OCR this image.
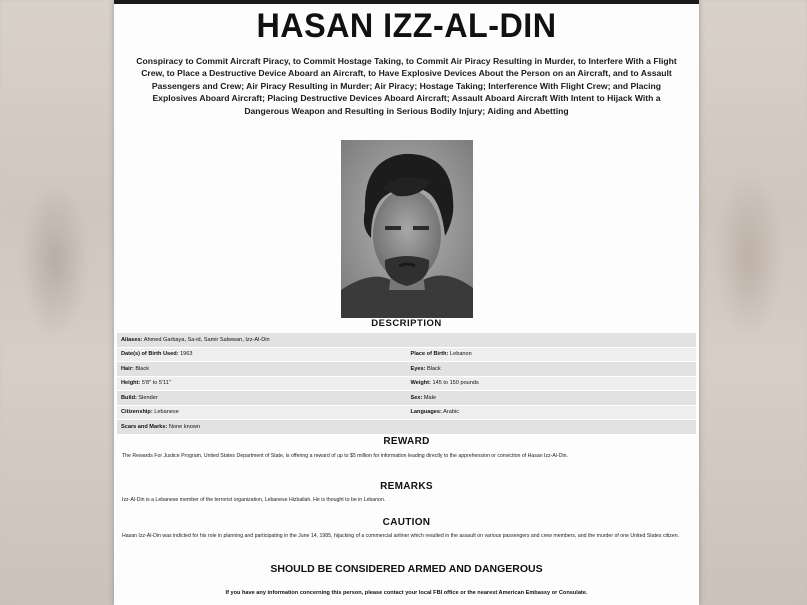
HASAN IZZ-AL-DIN
Conspiracy to Commit Aircraft Piracy, to Commit Hostage Taking, to Commit Air Piracy Resulting in Murder, to Interfere With a Flight Crew, to Place a Destructive Device Aboard an Aircraft, to Have Explosive Devices About the Person on an Aircraft, and to Assault Passengers and Crew; Air Piracy Resulting in Murder; Air Piracy; Hostage Taking; Interference With Flight Crew; and Placing Explosives Aboard Aircraft; Placing Destructive Devices Aboard Aircraft; Assault Aboard Aircraft With Intent to Hijack With a Dangerous Weapon and Resulting in Serious Bodily Injury; Aiding and Abetting
DESCRIPTION
Aliases: Ahmed Garbaya, Sa-id, Samir Salwwan, Izz-Al-Din	
Date(s) of Birth Used: 1963	Place of Birth: Lebanon
Hair: Black	Eyes: Black
Height: 5'8" to 5'11"	Weight: 145 to 150 pounds
Build: Slender	Sex: Male
Citizenship: Lebanese	Languages: Arabic
Scars and Marks: None known	
REWARD
The Rewards For Justice Program, United States Department of State, is offering a reward of up to $5 million for information leading directly to the apprehension or conviction of Hasan Izz-Al-Din.
REMARKS
Izz-Al-Din is a Lebanese member of the terrorist organization, Lebanese Hizballah. He is thought to be in Lebanon.
CAUTION
Hasan Izz-Al-Din was indicted for his role in planning and participating in the June 14, 1985, hijacking of a commercial airliner which resulted in the assault on various passengers and crew members, and the murder of one United States citizen.
SHOULD BE CONSIDERED ARMED AND DANGEROUS
If you have any information concerning this person, please contact your local FBI office or the nearest American Embassy or Consulate.
